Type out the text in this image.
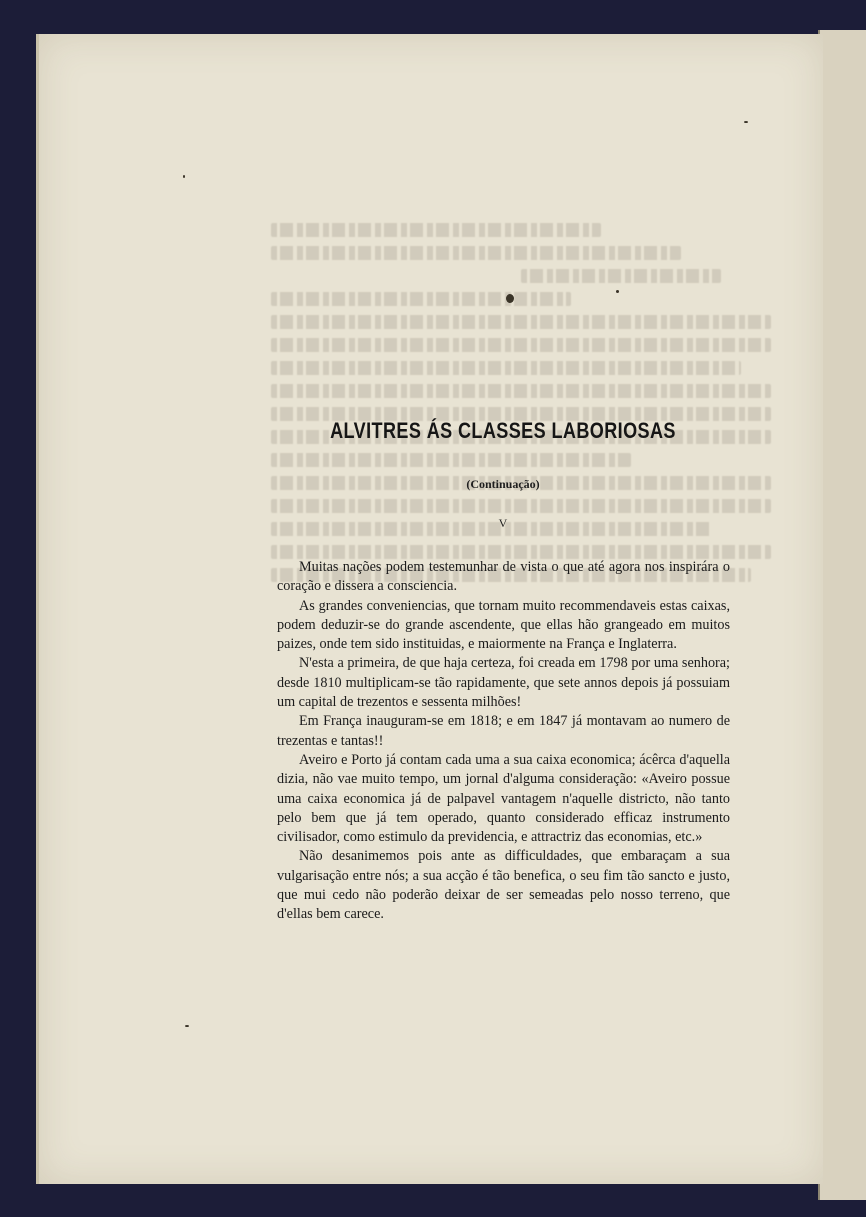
ALVITRES ÁS CLASSES LABORIOSAS

(Continuação)

V

Muitas nações podem testemunhar de vista o que até agora nos inspirára o coração e dissera a consciencia.

As grandes conveniencias, que tornam muito recommendaveis estas caixas, podem deduzir-se do grande ascendente, que ellas hão grangeado em muitos paizes, onde tem sido instituidas, e maiormente na França e Inglaterra.

N'esta a primeira, de que haja certeza, foi creada em 1798 por uma senhora; desde 1810 multiplicam-se tão rapidamente, que sete annos depois já possuiam um capital de trezentos e sessenta milhões!

Em França inauguram-se em 1818; e em 1847 já montavam ao numero de trezentas e tantas!!

Aveiro e Porto já contam cada uma a sua caixa economica; ácêrca d'aquella dizia, não vae muito tempo, um jornal d'alguma consideração: «Aveiro possue uma caixa economica já de palpavel vantagem n'aquelle districto, não tanto pelo bem que já tem operado, quanto considerado efficaz instrumento civilisador, como estimulo da previdencia, e attractriz das economias, etc.»

Não desanimemos pois ante as difficuldades, que embaraçam a sua vulgarisação entre nós; a sua acção é tão benefica, o seu fim tão sancto e justo, que mui cedo não poderão deixar de ser semeadas pelo nosso terreno, que d'ellas bem carece.
